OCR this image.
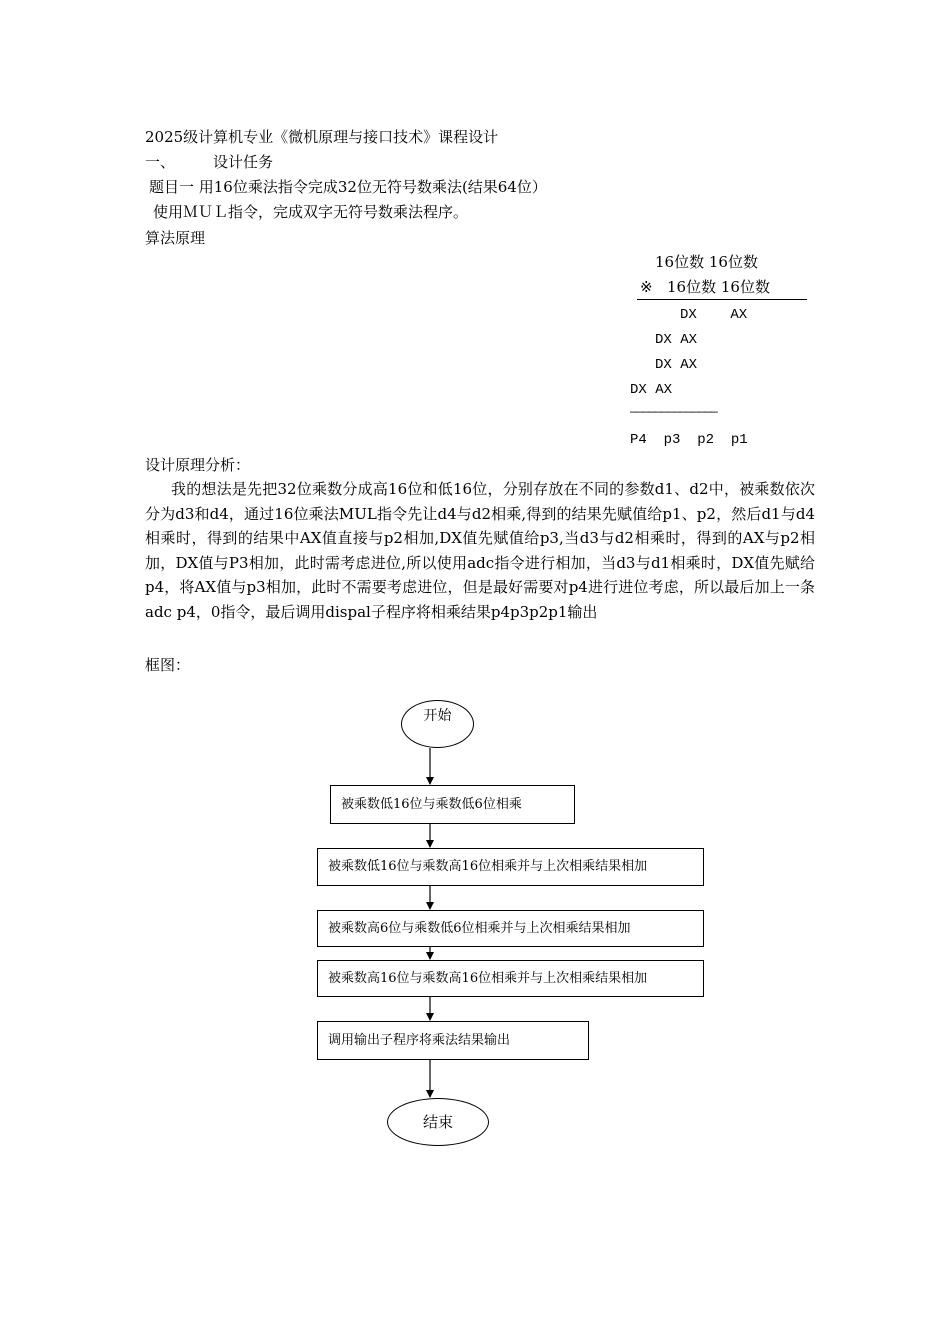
2025级计算机专业《微机原理与接口技术》课程设计
一、	设计任务
题目一 用16位乘法指令完成32位无符号数乘法(结果64位）
使用ＭＵＬ指令，完成双字无符号数乘法程序。
算法原理
16位数 16位数
※ 16位数 16位数
DX    AX
DX AX
DX AX
DX AX
——————————————
P4  p3  p2  p1
设计原理分析：
我的想法是先把32位乘数分成高16位和低16位，分别存放在不同的参数d1、d2中，被乘数依次分为d3和d4，通过16位乘法MUL指令先让d4与d2相乘,得到的结果先赋值给p1、p2，然后d1与d4相乘时，得到的结果中AX值直接与p2相加,DX值先赋值给p3,当d3与d2相乘时，得到的AX与p2相加，DX值与P3相加，此时需考虑进位,所以使用adc指令进行相加，当d3与d1相乘时，DX值先赋给p4，将AX值与p3相加，此时不需要考虑进位，但是最好需要对p4进行进位考虑，所以最后加上一条adc p4，0指令，最后调用dispal子程序将相乘结果p4p3p2p1输出
框图：
开始
被乘数低16位与乘数低6位相乘
被乘数低16位与乘数高16位相乘并与上次相乘结果相加
被乘数高6位与乘数低6位相乘并与上次相乘结果相加
被乘数高16位与乘数高16位相乘并与上次相乘结果相加
调用输出子程序将乘法结果输出
结束
